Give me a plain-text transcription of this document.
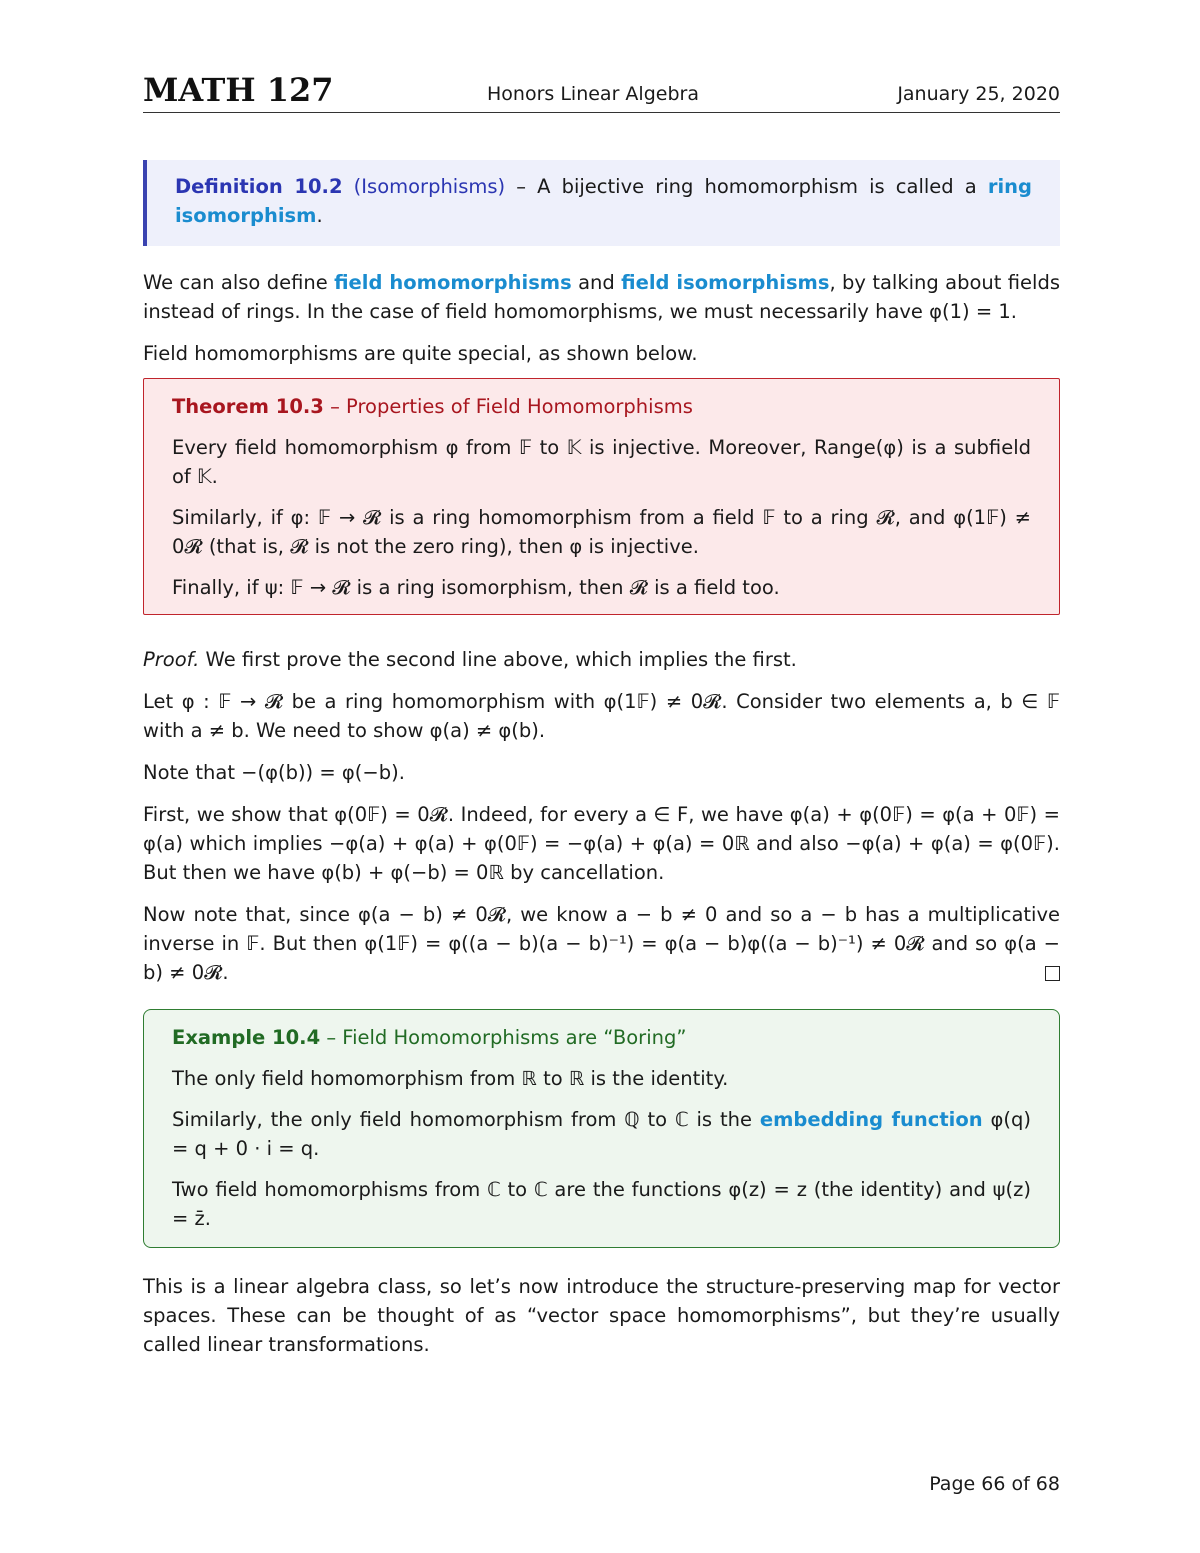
MATH 127	Honors Linear Algebra	January 25, 2020

Definition 10.2 (Isomorphisms) – A bijective ring homomorphism is called a ring isomorphism.

We can also define field homomorphisms and field isomorphisms, by talking about fields instead of rings. In the case of field homomorphisms, we must necessarily have φ(1) = 1.

Field homomorphisms are quite special, as shown below.

Theorem 10.3 – Properties of Field Homomorphisms

Every field homomorphism φ from 𝔽 to 𝕂 is injective. Moreover, Range(φ) is a subfield of 𝕂.

Similarly, if φ: 𝔽 → 𝓡 is a ring homomorphism from a field 𝔽 to a ring 𝓡, and φ(1𝔽) ≠ 0𝓡 (that is, 𝓡 is not the zero ring), then φ is injective.

Finally, if ψ: 𝔽 → 𝓡 is a ring isomorphism, then 𝓡 is a field too.

Proof. We first prove the second line above, which implies the first.

Let φ : 𝔽 → 𝓡 be a ring homomorphism with φ(1𝔽) ≠ 0𝓡. Consider two elements a, b ∈ 𝔽 with a ≠ b. We need to show φ(a) ≠ φ(b).

Note that −(φ(b)) = φ(−b).

First, we show that φ(0𝔽) = 0𝓡. Indeed, for every a ∈ F, we have φ(a) + φ(0𝔽) = φ(a + 0𝔽) = φ(a) which implies −φ(a) + φ(a) + φ(0𝔽) = −φ(a) + φ(a) = 0ℝ and also −φ(a) + φ(a) = φ(0𝔽). But then we have φ(b) + φ(−b) = 0ℝ by cancellation.

Now note that, since φ(a − b) ≠ 0𝓡, we know a − b ≠ 0 and so a − b has a multiplicative inverse in 𝔽. But then φ(1𝔽) = φ((a − b)(a − b)⁻¹) = φ(a − b)φ((a − b)⁻¹) ≠ 0𝓡 and so φ(a − b) ≠ 0𝓡.

Example 10.4 – Field Homomorphisms are “Boring”

The only field homomorphism from ℝ to ℝ is the identity.

Similarly, the only field homomorphism from ℚ to ℂ is the embedding function φ(q) = q + 0 · i = q.

Two field homomorphisms from ℂ to ℂ are the functions φ(z) = z (the identity) and ψ(z) = z̄.

This is a linear algebra class, so let’s now introduce the structure-preserving map for vector spaces. These can be thought of as “vector space homomorphisms”, but they’re usually called linear transformations.

Page 66 of 68
